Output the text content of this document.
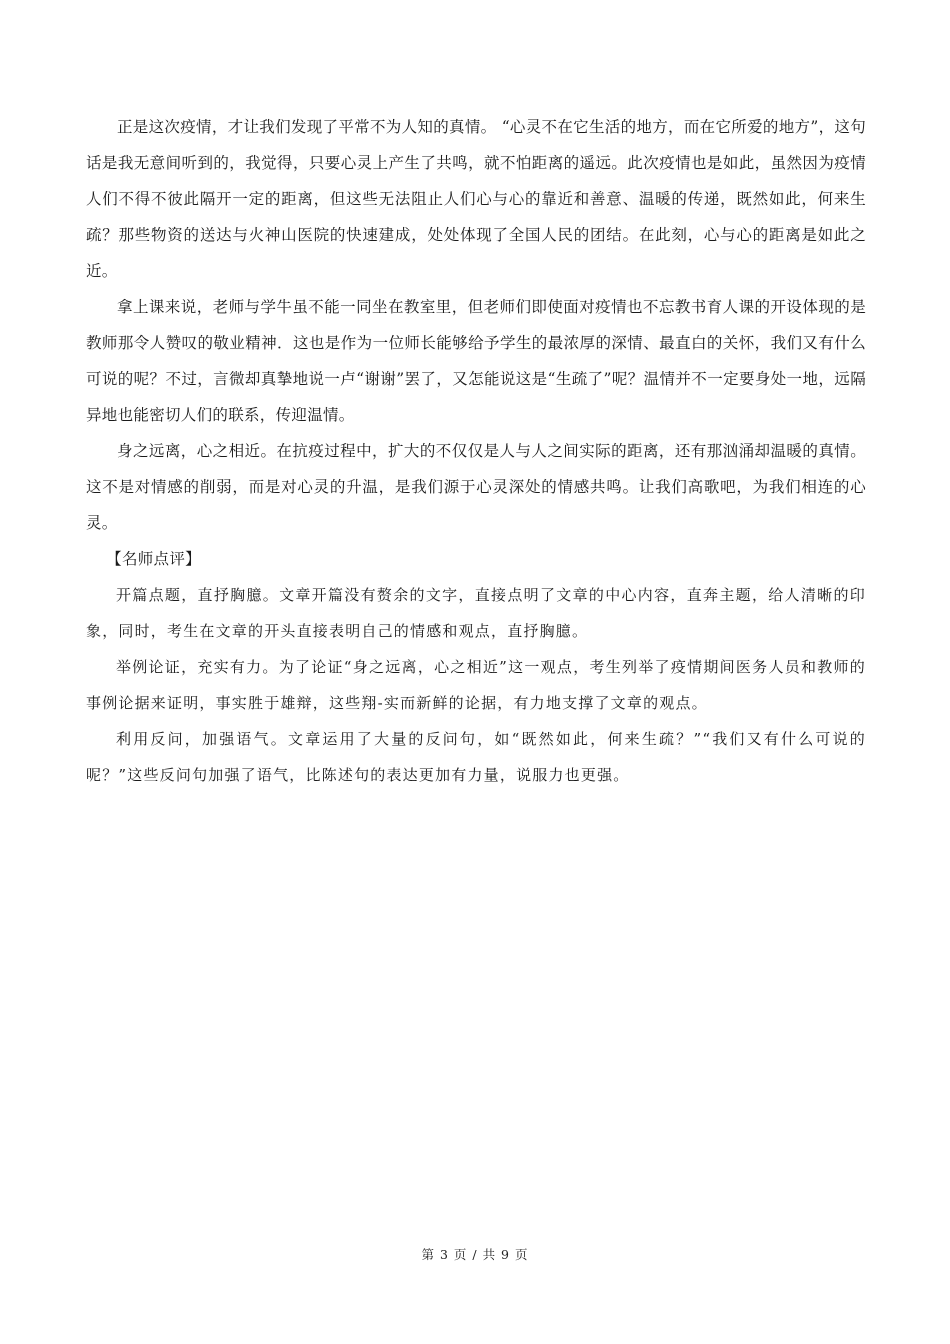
正是这次疫情，才让我们发现了平常不为人知的真情。 “心灵不在它生活的地方，而在它所爱的地方”，这句话是我无意间听到的，我觉得，只要心灵上产生了共鸣，就不怕距离的遥远。此次疫情也是如此，虽然因为疫情人们不得不彼此隔开一定的距离，但这些无法阻止人们心与心的靠近和善意、温暖的传递，既然如此，何来生疏？那些物资的送达与火神山医院的快速建成，处处体现了全国人民的团结。在此刻，心与心的距离是如此之近。

拿上课来说，老师与学牛虽不能一同坐在教室里，但老师们即使面对疫情也不忘教书育人课的开设体现的是教师那令人赞叹的敬业精神．这也是作为一位师长能够给予学生的最浓厚的深情、最直白的关怀，我们又有什么可说的呢？不过，言微却真摯地说一卢“谢谢”罢了，又怎能说这是“生疏了”呢？温情并不一定要身处一地，远隔异地也能密切人们的联系，传迎温情。

身之远离，心之相近。在抗疫过程中，扩大的不仅仅是人与人之间实际的距离，还有那汹涌却温暖的真情。这不是对情感的削弱，而是对心灵的升温，是我们源于心灵深处的情感共鸣。让我们高歌吧，为我们相连的心灵。

【名师点评】

开篇点题，直抒胸臆。文章开篇没有赘余的文字，直接点明了文章的中心内容，直奔主题，给人清晰的印象，同时，考生在文章的开头直接表明自己的情感和观点，直抒胸臆。

举例论证，充实有力。为了论证“身之远离，心之相近”这一观点，考生列举了疫情期间医务人员和教师的事例论据来证明，事实胜于雄辩，这些翔-实而新鲜的论据，有力地支撑了文章的观点。

利用反问，加强语气。文章运用了大量的反问句，如“既然如此，何来生疏？”“我们又有什么可说的呢？”这些反问句加强了语气，比陈述句的表达更加有力量，说服力也更强。

第 3 页 / 共 9 页
